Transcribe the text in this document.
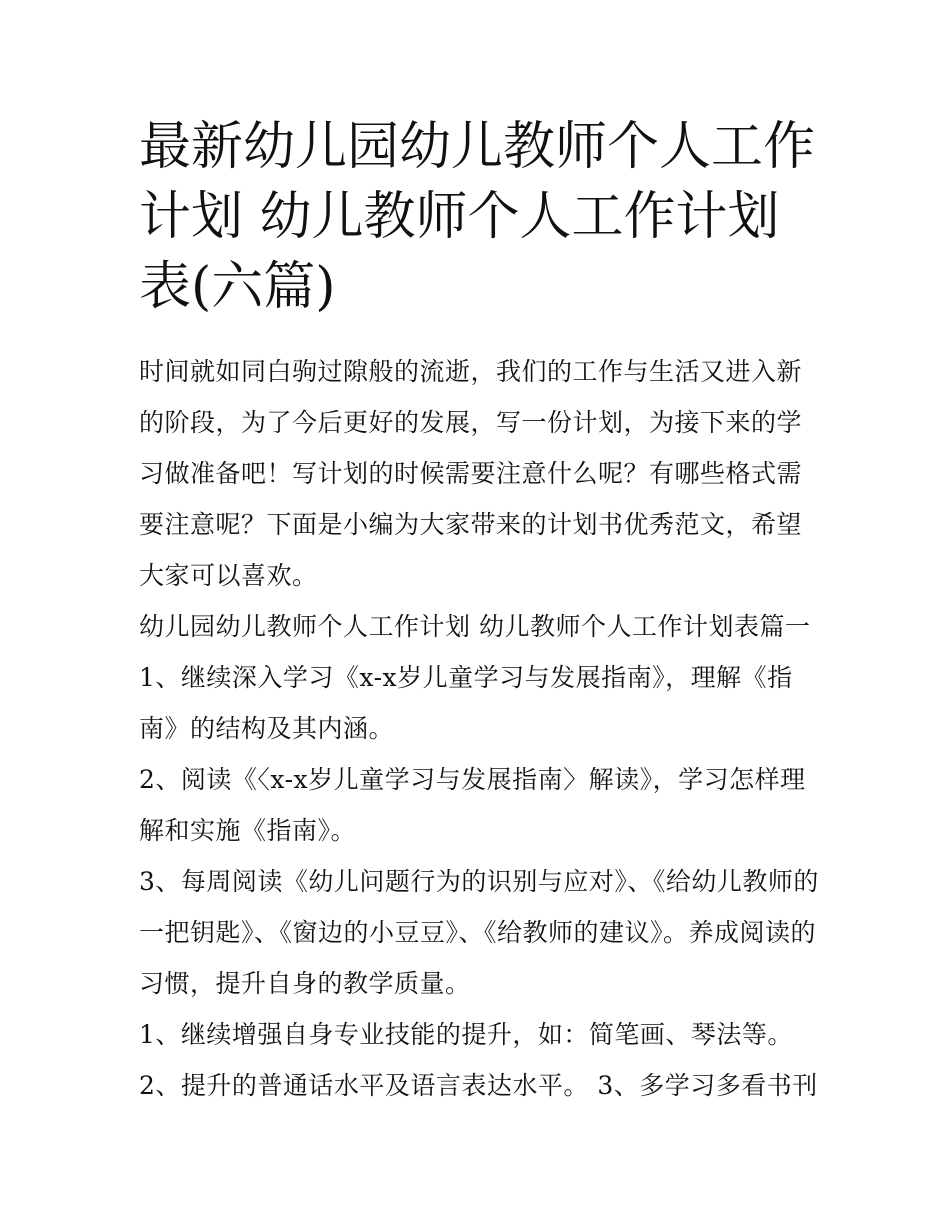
最新幼儿园幼儿教师个人工作计划 幼儿教师个人工作计划表(六篇)

时间就如同白驹过隙般的流逝，我们的工作与生活又进入新的阶段，为了今后更好的发展，写一份计划，为接下来的学习做准备吧！写计划的时候需要注意什么呢？有哪些格式需要注意呢？下面是小编为大家带来的计划书优秀范文，希望大家可以喜欢。

幼儿园幼儿教师个人工作计划 幼儿教师个人工作计划表篇一

1、继续深入学习《x-x岁儿童学习与发展指南》，理解《指南》的结构及其内涵。

2、阅读《〈x-x岁儿童学习与发展指南〉解读》，学习怎样理解和实施《指南》。

3、每周阅读《幼儿问题行为的识别与应对》、《给幼儿教师的一把钥匙》、《窗边的小豆豆》、《给教师的建议》。养成阅读的习惯，提升自身的教学质量。

1、继续增强自身专业技能的提升，如：简笔画、琴法等。

2、提升的普通话水平及语言表达水平。 3、多学习多看书刊
